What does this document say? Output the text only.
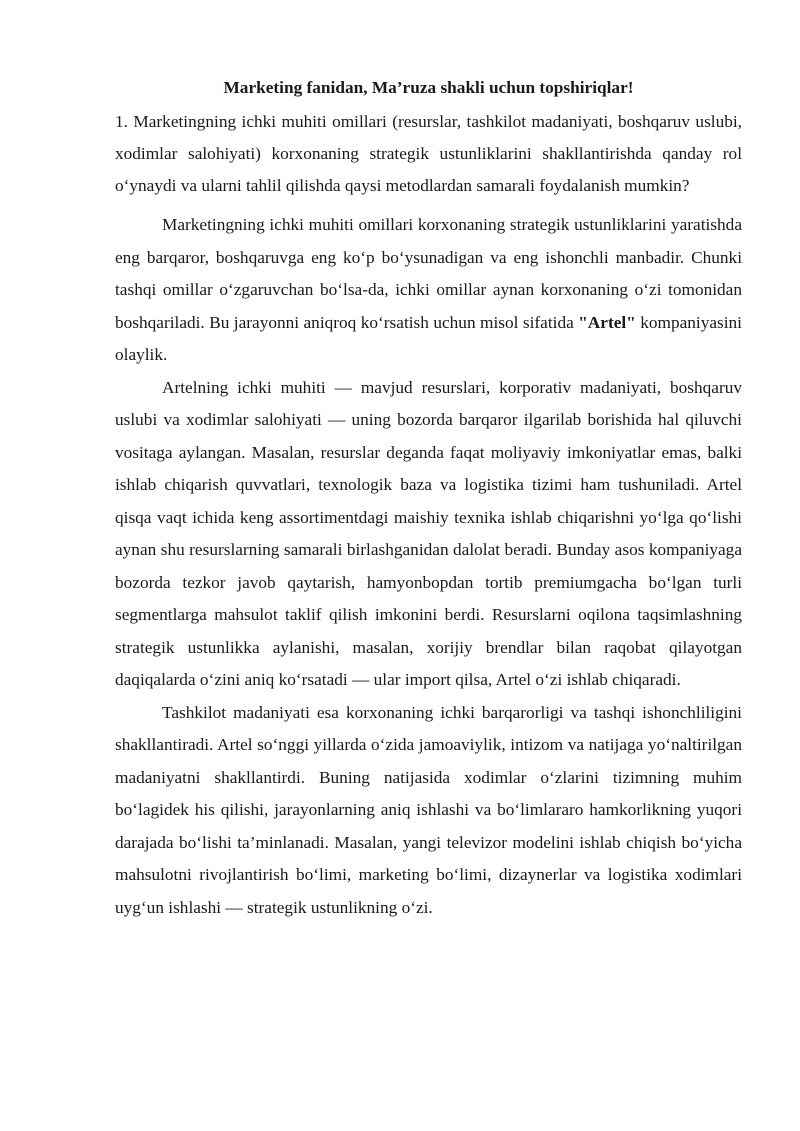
Marketing fanidan, Ma’ruza shakli uchun topshiriqlar!
1. Marketingning ichki muhiti omillari (resurslar, tashkilot madaniyati, boshqaruv uslubi, xodimlar salohiyati) korxonaning strategik ustunliklarini shakllantirishda qanday rol o‘ynaydi va ularni tahlil qilishda qaysi metodlardan samarali foydalanish mumkin?

Marketingning ichki muhiti omillari korxonaning strategik ustunliklarini yaratishda eng barqaror, boshqaruvga eng ko‘p bo‘ysunadigan va eng ishonchli manbadir. Chunki tashqi omillar o‘zgaruvchan bo‘lsa-da, ichki omillar aynan korxonaning o‘zi tomonidan boshqariladi. Bu jarayonni aniqroq ko‘rsatish uchun misol sifatida "Artel" kompaniyasini olaylik.

Artelning ichki muhiti — mavjud resurslari, korporativ madaniyati, boshqaruv uslubi va xodimlar salohiyati — uning bozorda barqaror ilgarilab borishida hal qiluvchi vositaga aylangan. Masalan, resurslar deganda faqat moliyaviy imkoniyatlar emas, balki ishlab chiqarish quvvatlari, texnologik baza va logistika tizimi ham tushuniladi. Artel qisqa vaqt ichida keng assortimentdagi maishiy texnika ishlab chiqarishni yo‘lga qo‘lishi aynan shu resurslarning samarali birlashganidan dalolat beradi. Bunday asos kompaniyaga bozorda tezkor javob qaytarish, hamyonbopdan tortib premiumgacha bo‘lgan turli segmentlarga mahsulot taklif qilish imkonini berdi. Resurslarni oqilona taqsimlashning strategik ustunlikka aylanishi, masalan, xorijiy brendlar bilan raqobat qilayotgan daqiqalarda o‘zini aniq ko‘rsatadi — ular import qilsa, Artel o‘zi ishlab chiqaradi.

Tashkilot madaniyati esa korxonaning ichki barqarorligi va tashqi ishonchliligini shakllantiradi. Artel so‘nggi yillarda o‘zida jamoaviylik, intizom va natijaga yo‘naltirilgan madaniyatni shakllantirdi. Buning natijasida xodimlar o‘zlarini tizimning muhim bo‘lagidek his qilishi, jarayonlarning aniq ishlashi va bo‘limlararo hamkorlikning yuqori darajada bo‘lishi ta’minlanadi. Masalan, yangi televizor modelini ishlab chiqish bo‘yicha mahsulotni rivojlantirish bo‘limi, marketing bo‘limi, dizaynerlar va logistika xodimlari uyg‘un ishlashi — strategik ustunlikning o‘zi.
